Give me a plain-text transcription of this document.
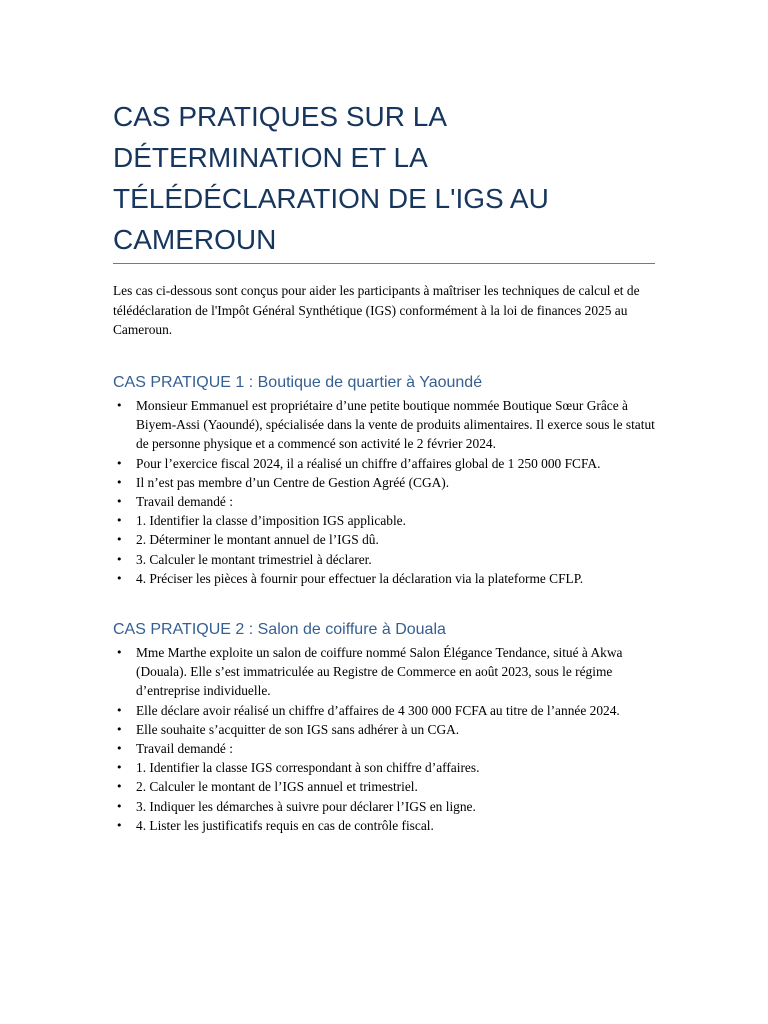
CAS PRATIQUES SUR LA DÉTERMINATION ET LA TÉLÉDÉCLARATION DE L'IGS AU CAMEROUN

Les cas ci-dessous sont conçus pour aider les participants à maîtriser les techniques de calcul et de télédéclaration de l'Impôt Général Synthétique (IGS) conformément à la loi de finances 2025 au Cameroun.

CAS PRATIQUE 1 : Boutique de quartier à Yaoundé
• Monsieur Emmanuel est propriétaire d’une petite boutique nommée Boutique Sœur Grâce à Biyem-Assi (Yaoundé), spécialisée dans la vente de produits alimentaires. Il exerce sous le statut de personne physique et a commencé son activité le 2 février 2024.
• Pour l’exercice fiscal 2024, il a réalisé un chiffre d’affaires global de 1 250 000 FCFA.
• Il n’est pas membre d’un Centre de Gestion Agréé (CGA).
• Travail demandé :
• 1. Identifier la classe d’imposition IGS applicable.
• 2. Déterminer le montant annuel de l’IGS dû.
• 3. Calculer le montant trimestriel à déclarer.
• 4. Préciser les pièces à fournir pour effectuer la déclaration via la plateforme CFLP.
CAS PRATIQUE 2 : Salon de coiffure à Douala
• Mme Marthe exploite un salon de coiffure nommé Salon Élégance Tendance, situé à Akwa (Douala). Elle s’est immatriculée au Registre de Commerce en août 2023, sous le régime d’entreprise individuelle.
• Elle déclare avoir réalisé un chiffre d’affaires de 4 300 000 FCFA au titre de l’année 2024.
• Elle souhaite s’acquitter de son IGS sans adhérer à un CGA.
• Travail demandé :
• 1. Identifier la classe IGS correspondant à son chiffre d’affaires.
• 2. Calculer le montant de l’IGS annuel et trimestriel.
• 3. Indiquer les démarches à suivre pour déclarer l’IGS en ligne.
• 4. Lister les justificatifs requis en cas de contrôle fiscal.
